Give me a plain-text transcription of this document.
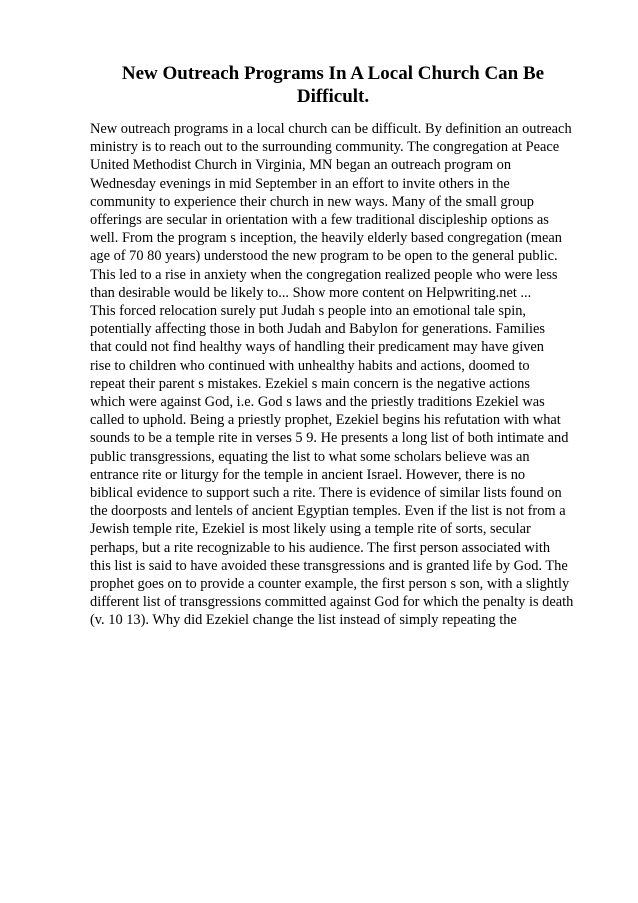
New Outreach Programs In A Local Church Can Be
Difficult.
New outreach programs in a local church can be difficult. By definition an outreach
ministry is to reach out to the surrounding community. The congregation at Peace
United Methodist Church in Virginia, MN began an outreach program on
Wednesday evenings in mid September in an effort to invite others in the
community to experience their church in new ways. Many of the small group
offerings are secular in orientation with a few traditional discipleship options as
well. From the program s inception, the heavily elderly based congregation (mean
age of 70 80 years) understood the new program to be open to the general public.
This led to a rise in anxiety when the congregation realized people who were less
than desirable would be likely to... Show more content on Helpwriting.net ...
This forced relocation surely put Judah s people into an emotional tale spin,
potentially affecting those in both Judah and Babylon for generations. Families
that could not find healthy ways of handling their predicament may have given
rise to children who continued with unhealthy habits and actions, doomed to
repeat their parent s mistakes. Ezekiel s main concern is the negative actions
which were against God, i.e. God s laws and the priestly traditions Ezekiel was
called to uphold. Being a priestly prophet, Ezekiel begins his refutation with what
sounds to be a temple rite in verses 5 9. He presents a long list of both intimate and
public transgressions, equating the list to what some scholars believe was an
entrance rite or liturgy for the temple in ancient Israel. However, there is no
biblical evidence to support such a rite. There is evidence of similar lists found on
the doorposts and lentels of ancient Egyptian temples. Even if the list is not from a
Jewish temple rite, Ezekiel is most likely using a temple rite of sorts, secular
perhaps, but a rite recognizable to his audience. The first person associated with
this list is said to have avoided these transgressions and is granted life by God. The
prophet goes on to provide a counter example, the first person s son, with a slightly
different list of transgressions committed against God for which the penalty is death
(v. 10 13). Why did Ezekiel change the list instead of simply repeating the
